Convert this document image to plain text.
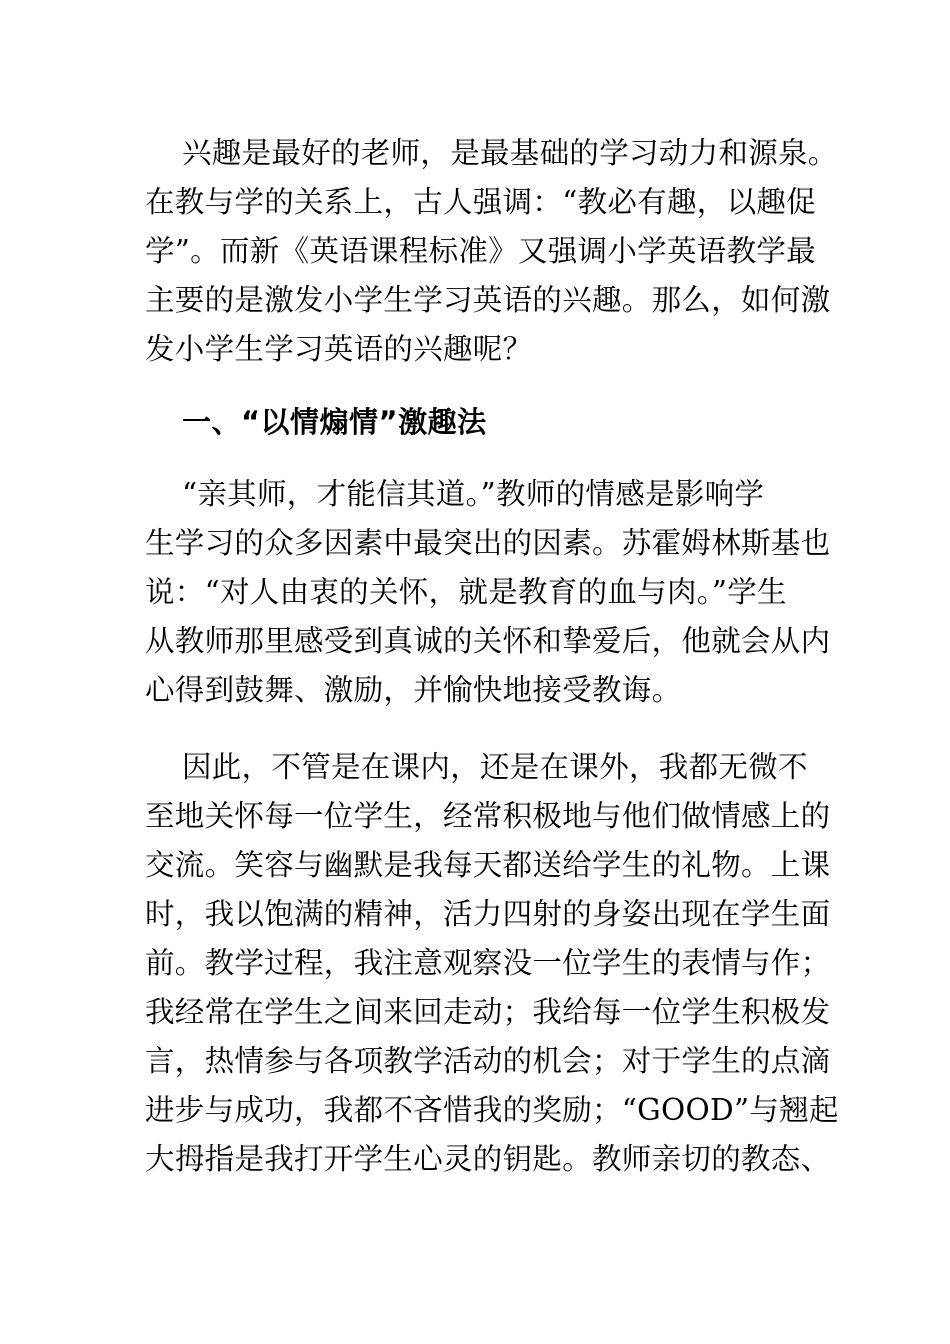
兴趣是最好的老师，是最基础的学习动力和源泉。
在教与学的关系上，古人强调：“教必有趣，以趣促
学”。而新《英语课程标准》又强调小学英语教学最
主要的是激发小学生学习英语的兴趣。那么，如何激
发小学生学习英语的兴趣呢？
一、“以情煽情”激趣法
“亲其师，才能信其道。”教师的情感是影响学
生学习的众多因素中最突出的因素。苏霍姆林斯基也
说：“对人由衷的关怀，就是教育的血与肉。”学生
从教师那里感受到真诚的关怀和挚爱后，他就会从内
心得到鼓舞、激励，并愉快地接受教诲。
因此，不管是在课内，还是在课外，我都无微不
至地关怀每一位学生，经常积极地与他们做情感上的
交流。笑容与幽默是我每天都送给学生的礼物。上课
时，我以饱满的精神，活力四射的身姿出现在学生面
前。教学过程，我注意观察没一位学生的表情与作；
我经常在学生之间来回走动；我给每一位学生积极发
言，热情参与各项教学活动的机会；对于学生的点滴
进步与成功，我都不吝惜我的奖励；“GOOD”与翘起
大拇指是我打开学生心灵的钥匙。教师亲切的教态、
